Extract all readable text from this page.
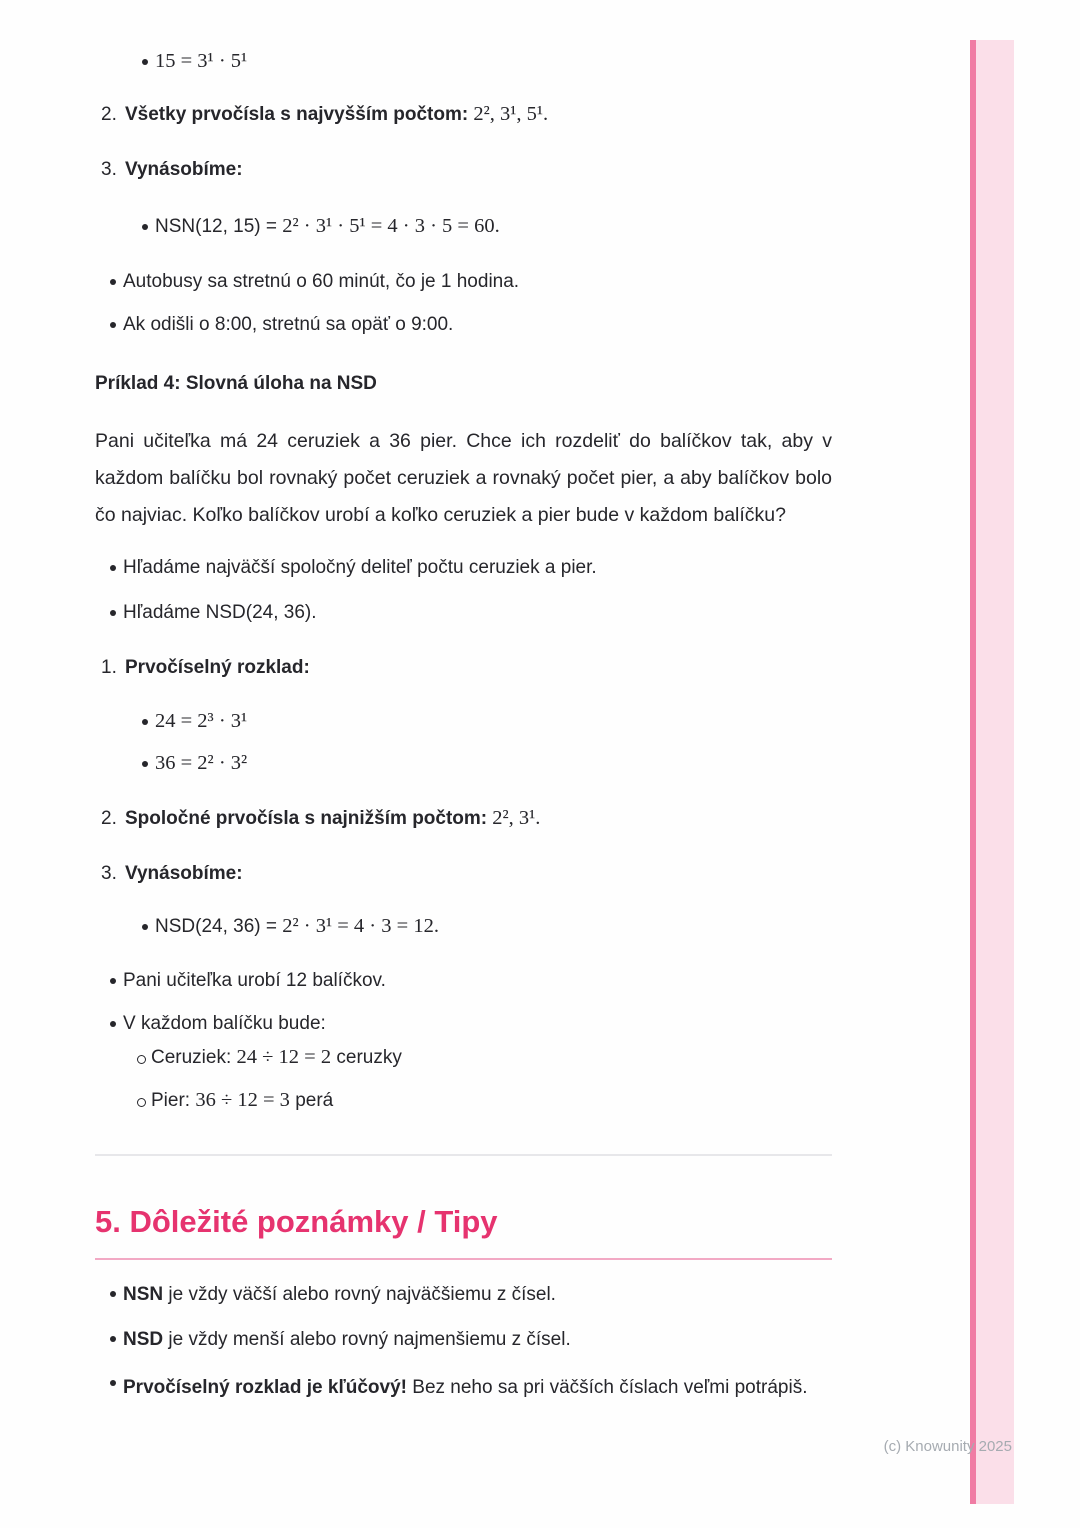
15 = 3¹ · 5¹
2. Všetky prvočísla s najvyšším počtom: 2², 3¹, 5¹.
3. Vynásobíme:
NSN(12, 15) = 2² · 3¹ · 5¹ = 4 · 3 · 5 = 60.
Autobusy sa stretnú o 60 minút, čo je 1 hodina.
Ak odišli o 8:00, stretnú sa opäť o 9:00.
Príklad 4: Slovná úloha na NSD

Pani učiteľka má 24 ceruziek a 36 pier. Chce ich rozdeliť do balíčkov tak, aby v každom balíčku bol rovnaký počet ceruziek a rovnaký počet pier, a aby balíčkov bolo čo najviac. Koľko balíčkov urobí a koľko ceruziek a pier bude v každom balíčku?

Hľadáme najväčší spoločný deliteľ počtu ceruziek a pier.
Hľadáme NSD(24, 36).
1. Prvočíselný rozklad:
24 = 2³ · 3¹
36 = 2² · 3²
2. Spoločné prvočísla s najnižším počtom: 2², 3¹.
3. Vynásobíme:
NSD(24, 36) = 2² · 3¹ = 4 · 3 = 12.
Pani učiteľka urobí 12 balíčkov.
V každom balíčku bude:
Ceruziek: 24 ÷ 12 = 2 ceruzky
Pier: 36 ÷ 12 = 3 perá
5. Dôležité poznámky / Tipy
NSN je vždy väčší alebo rovný najväčšiemu z čísel.
NSD je vždy menší alebo rovný najmenšiemu z čísel.
Prvočíselný rozklad je kľúčový! Bez neho sa pri väčších číslach veľmi potrápiš.
(c) Knowunity 2025
